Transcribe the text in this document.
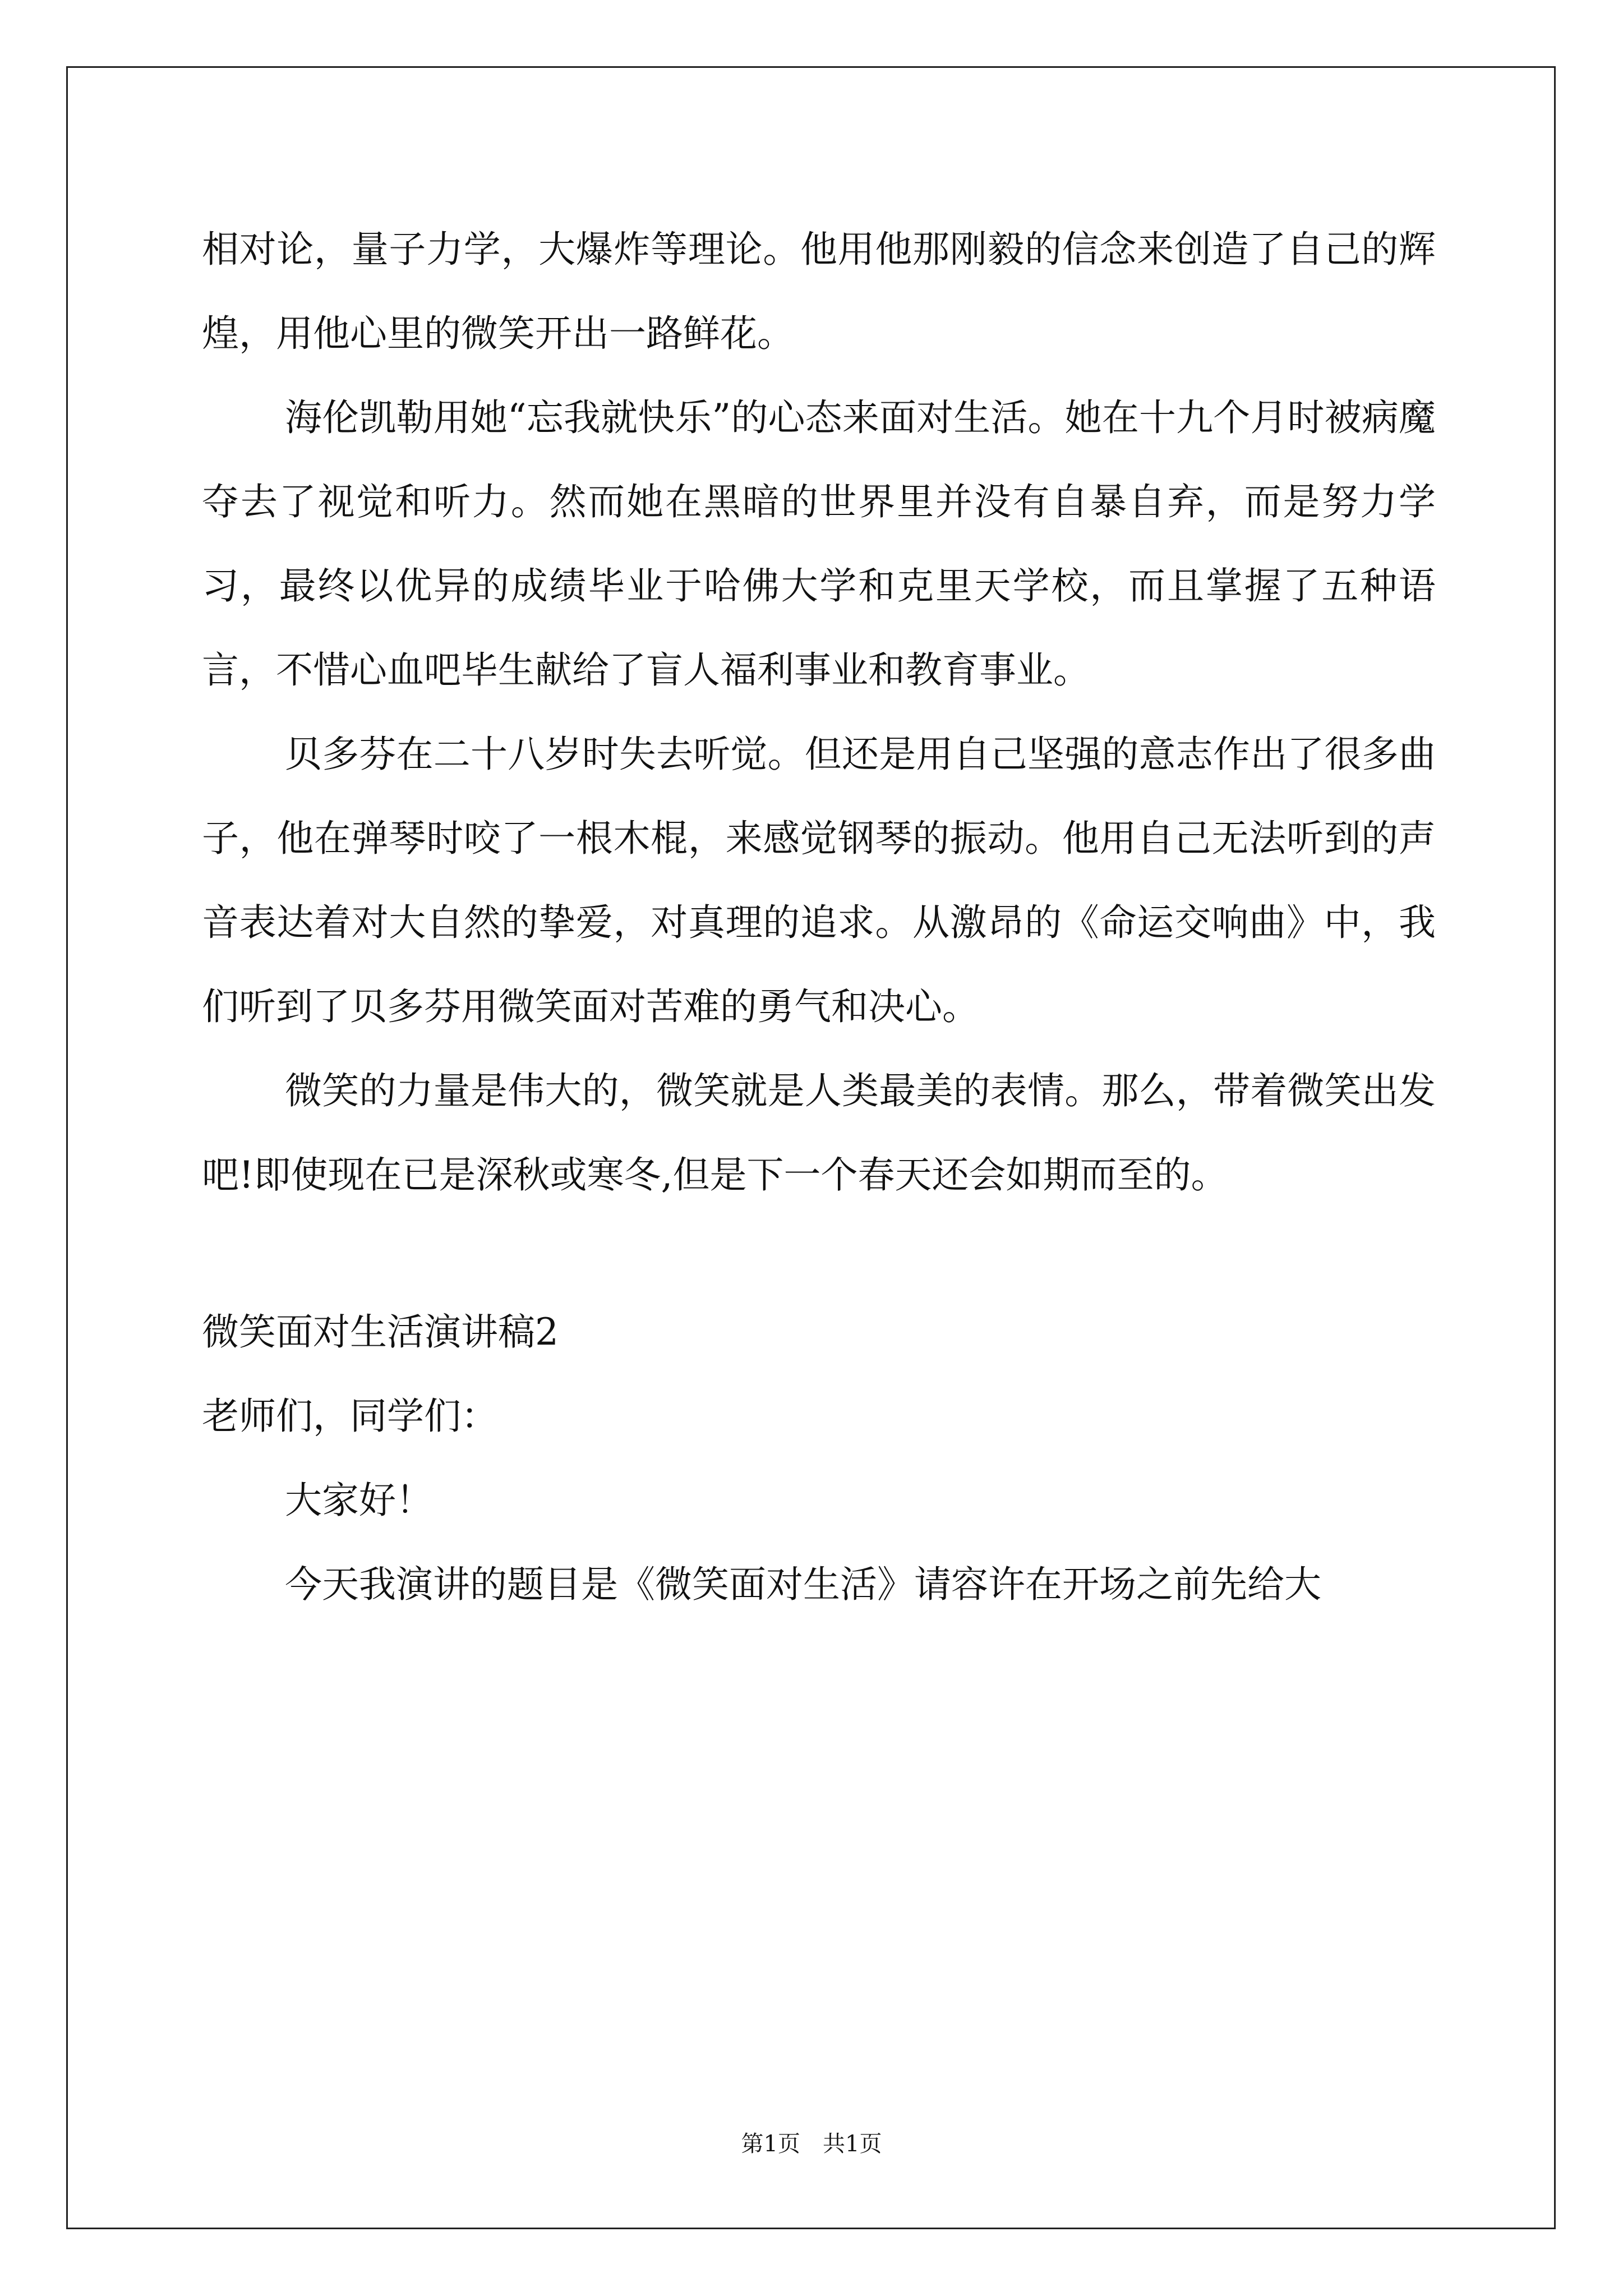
相对论，量子力学，大爆炸等理论。他用他那刚毅的信念来创造了自己的辉煌，用他心里的微笑开出一路鲜花。

海伦凯勒用她“忘我就快乐”的心态来面对生活。她在十九个月时被病魔夺去了视觉和听力。然而她在黑暗的世界里并没有自暴自弃，而是努力学习，最终以优异的成绩毕业于哈佛大学和克里天学校，而且掌握了五种语言，不惜心血吧毕生献给了盲人福利事业和教育事业。

贝多芬在二十八岁时失去听觉。但还是用自己坚强的意志作出了很多曲子，他在弹琴时咬了一根木棍，来感觉钢琴的振动。他用自己无法听到的声音表达着对大自然的挚爱，对真理的追求。从激昂的《命运交响曲》中，我们听到了贝多芬用微笑面对苦难的勇气和决心。

微笑的力量是伟大的，微笑就是人类最美的表情。那么，带着微笑出发吧!即使现在已是深秋或寒冬,但是下一个春天还会如期而至的。

微笑面对生活演讲稿2

老师们，同学们：

大家好！

今天我演讲的题目是《微笑面对生活》请容许在开场之前先给大

第1页　共1页
